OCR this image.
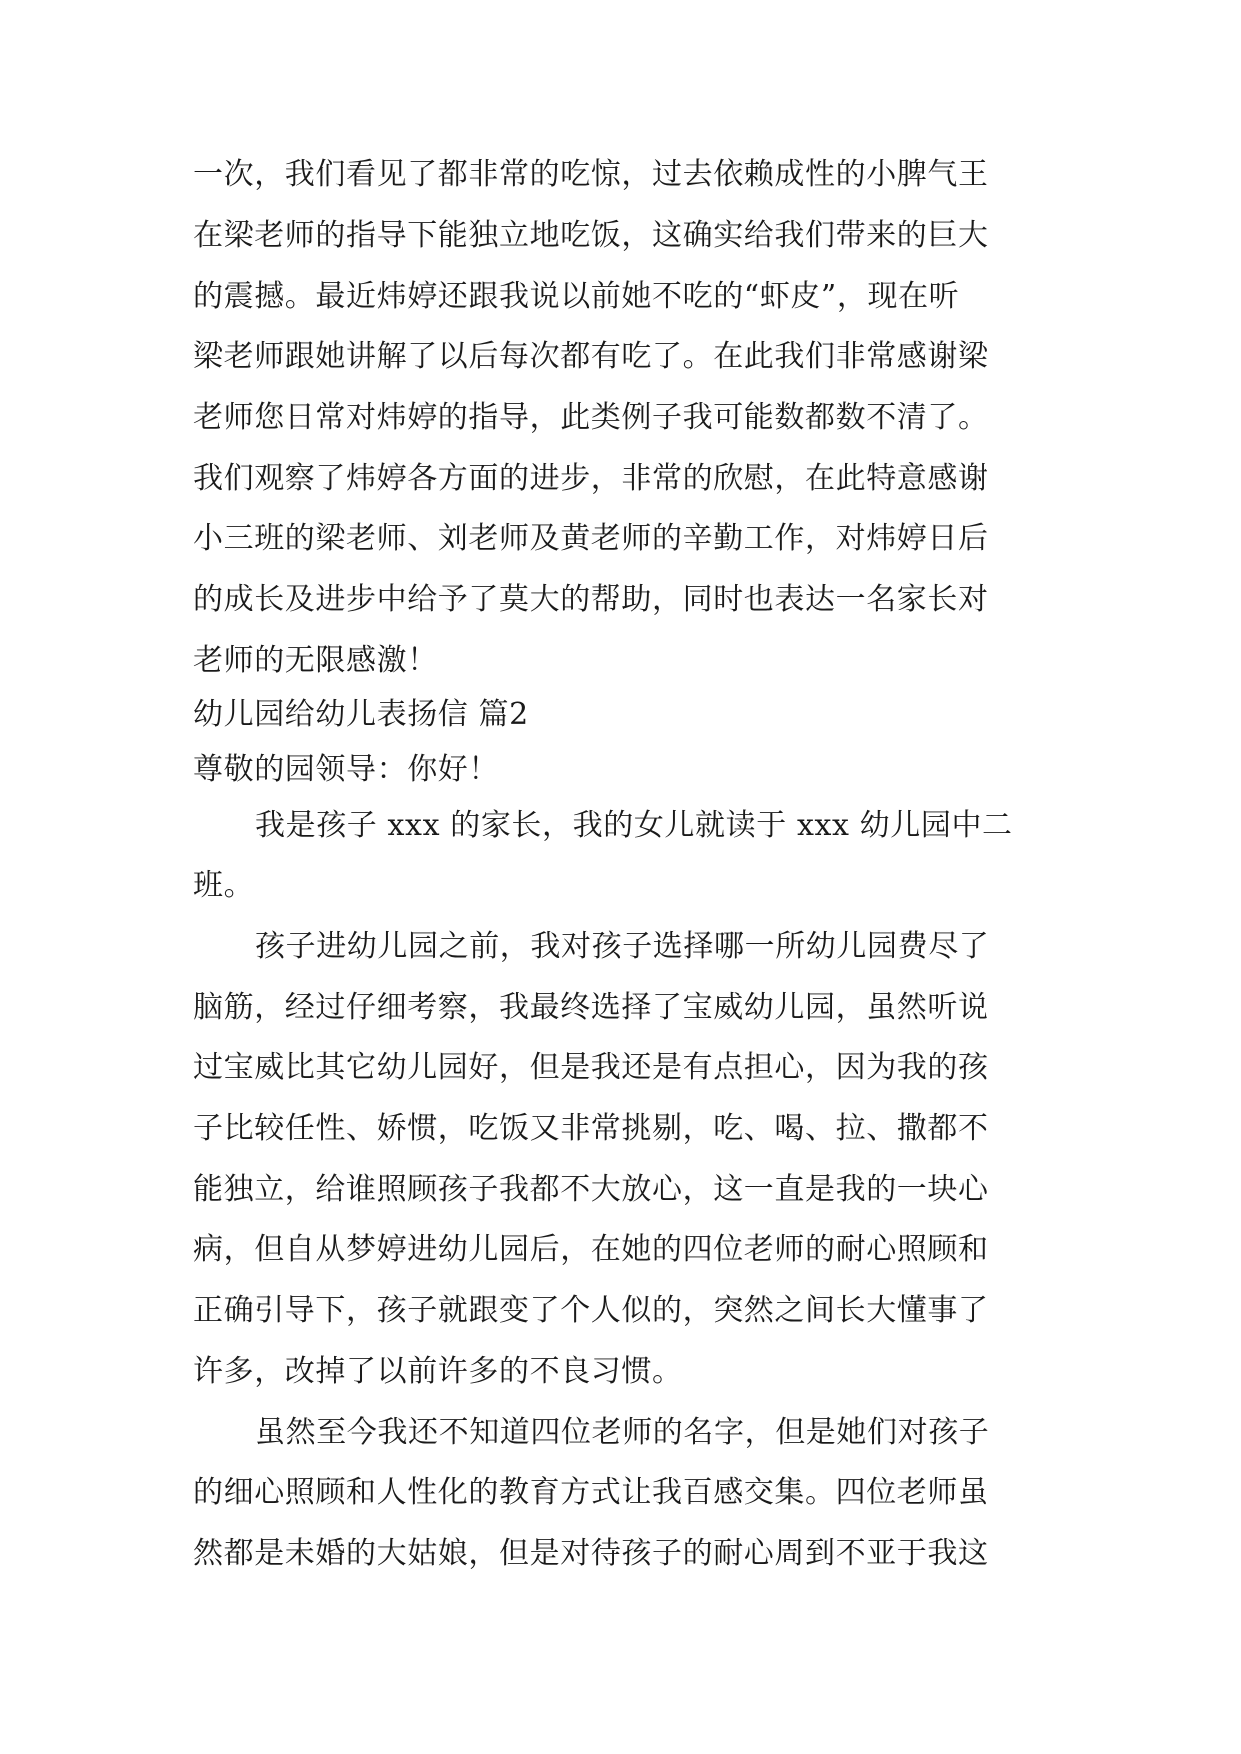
一次，我们看见了都非常的吃惊，过去依赖成性的小脾气王
在梁老师的指导下能独立地吃饭，这确实给我们带来的巨大
的震撼。最近炜婷还跟我说以前她不吃的“虾皮”，现在听
梁老师跟她讲解了以后每次都有吃了。在此我们非常感谢梁
老师您日常对炜婷的指导，此类例子我可能数都数不清了。
我们观察了炜婷各方面的进步，非常的欣慰，在此特意感谢
小三班的梁老师、刘老师及黄老师的辛勤工作，对炜婷日后
的成长及进步中给予了莫大的帮助，同时也表达一名家长对
老师的无限感激！
幼儿园给幼儿表扬信 篇2
尊敬的园领导：你好！
我是孩子 xxx 的家长，我的女儿就读于 xxx 幼儿园中二
班。
孩子进幼儿园之前，我对孩子选择哪一所幼儿园费尽了
脑筋，经过仔细考察，我最终选择了宝威幼儿园，虽然听说
过宝威比其它幼儿园好，但是我还是有点担心，因为我的孩
子比较任性、娇惯，吃饭又非常挑剔，吃、喝、拉、撒都不
能独立，给谁照顾孩子我都不大放心，这一直是我的一块心
病，但自从梦婷进幼儿园后，在她的四位老师的耐心照顾和
正确引导下，孩子就跟变了个人似的，突然之间长大懂事了
许多，改掉了以前许多的不良习惯。
虽然至今我还不知道四位老师的名字，但是她们对孩子
的细心照顾和人性化的教育方式让我百感交集。四位老师虽
然都是未婚的大姑娘，但是对待孩子的耐心周到不亚于我这
